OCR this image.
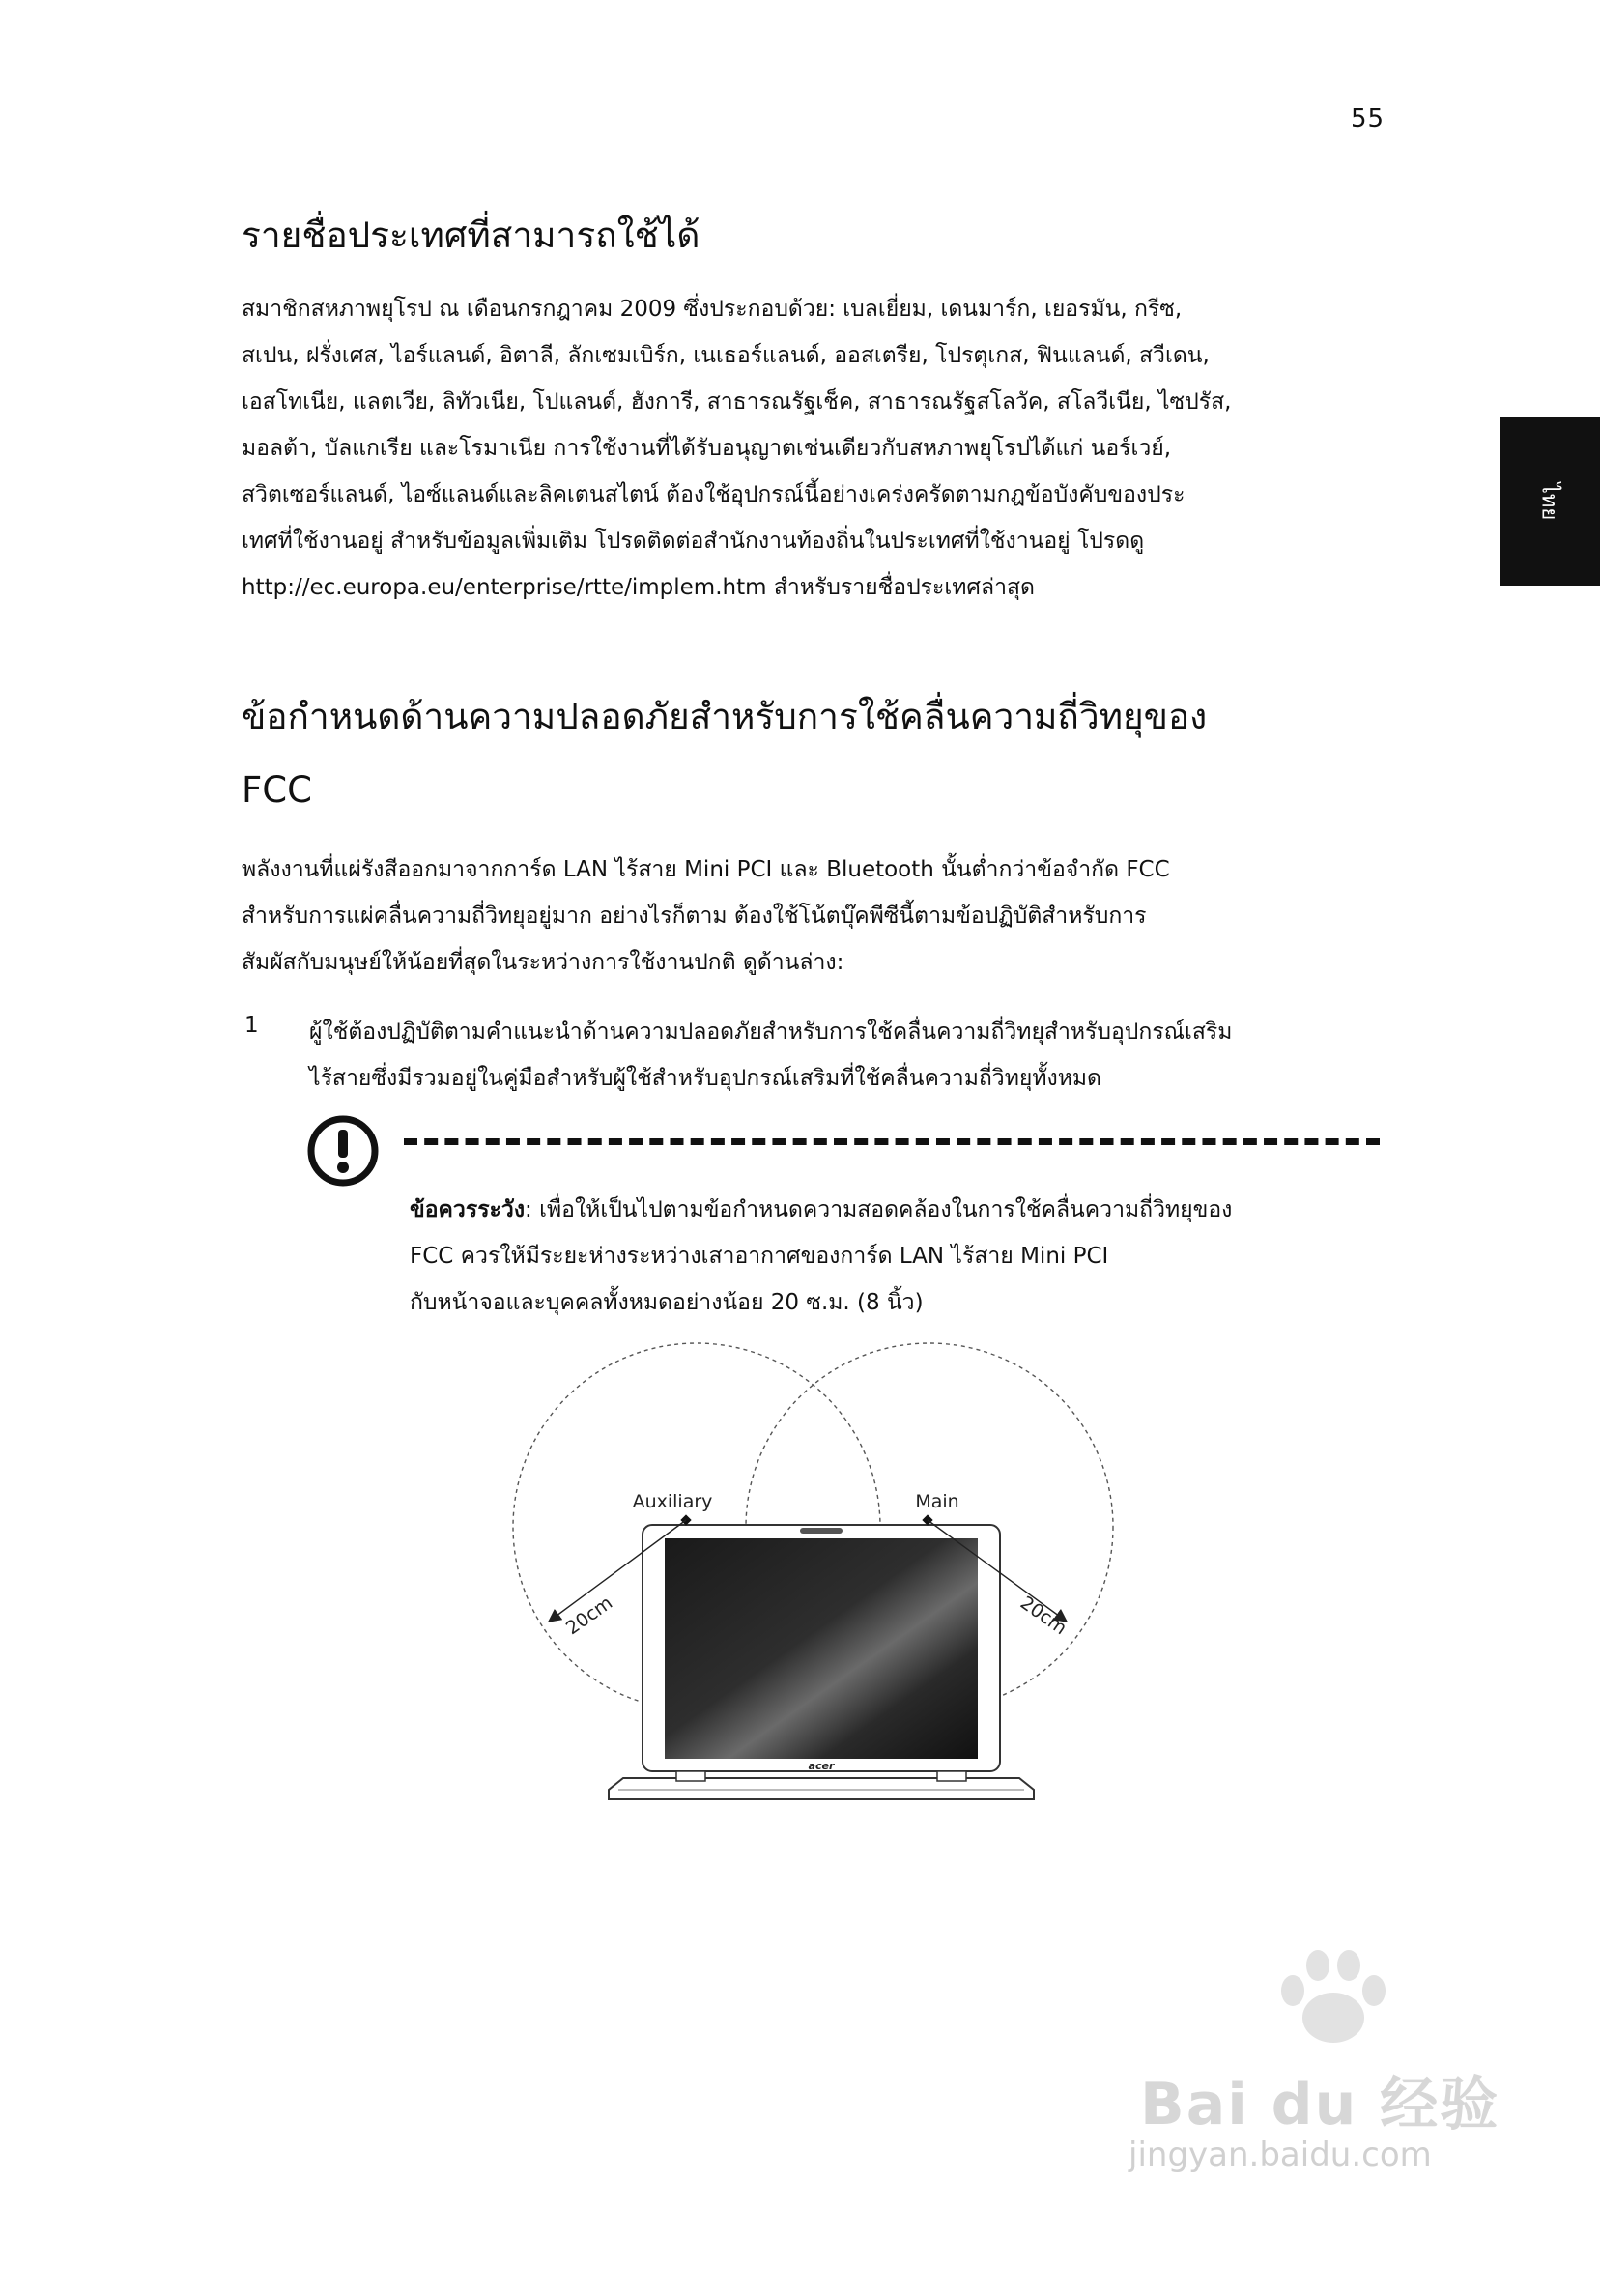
55
ไทย
รายชื่อประเทศที่สามารถใช้ได้
สมาชิกสหภาพยุโรป ณ เดือนกรกฎาคม 2009 ซึ่งประกอบด้วย: เบลเยี่ยม, เดนมาร์ก, เยอรมัน, กรีซ,
สเปน, ฝรั่งเศส, ไอร์แลนด์, อิตาลี, ลักเซมเบิร์ก, เนเธอร์แลนด์, ออสเตรีย, โปรตุเกส, ฟินแลนด์, สวีเดน,
เอสโทเนีย, แลตเวีย, ลิทัวเนีย, โปแลนด์, ฮังการี, สาธารณรัฐเช็ค, สาธารณรัฐสโลวัค, สโลวีเนีย, ไซปรัส,
มอลต้า, บัลแกเรีย และโรมาเนีย การใช้งานที่ได้รับอนุญาตเช่นเดียวกับสหภาพยุโรปได้แก่ นอร์เวย์,
สวิตเซอร์แลนด์, ไอซ์แลนด์และลิคเตนสไตน์ ต้องใช้อุปกรณ์นี้อย่างเคร่งครัดตามกฎข้อบังคับของประ
เทศที่ใช้งานอยู่ สำหรับข้อมูลเพิ่มเติม โปรดติดต่อสำนักงานท้องถิ่นในประเทศที่ใช้งานอยู่ โปรดดู
http://ec.europa.eu/enterprise/rtte/implem.htm สำหรับรายชื่อประเทศล่าสุด
ข้อกำหนดด้านความปลอดภัยสำหรับการใช้คลื่นความถี่วิทยุของ
FCC
พลังงานที่แผ่รังสีออกมาจากการ์ด LAN ไร้สาย Mini PCI และ Bluetooth นั้นต่ำกว่าข้อจำกัด FCC
สำหรับการแผ่คลื่นความถี่วิทยุอยู่มาก อย่างไรก็ตาม ต้องใช้โน้ตบุ๊คพีซีนี้ตามข้อปฏิบัติสำหรับการ
สัมผัสกับมนุษย์ให้น้อยที่สุดในระหว่างการใช้งานปกติ ดูด้านล่าง:
1 ผู้ใช้ต้องปฏิบัติตามคำแนะนำด้านความปลอดภัยสำหรับการใช้คลื่นความถี่วิทยุสำหรับอุปกรณ์เสริม
ไร้สายซึ่งมีรวมอยู่ในคู่มือสำหรับผู้ใช้สำหรับอุปกรณ์เสริมที่ใช้คลื่นความถี่วิทยุทั้งหมด
ข้อควรระวัง: เพื่อให้เป็นไปตามข้อกำหนดความสอดคล้องในการใช้คลื่นความถี่วิทยุของ
FCC ควรให้มีระยะห่างระหว่างเสาอากาศของการ์ด LAN ไร้สาย Mini PCI
กับหน้าจอและบุคคลทั้งหมดอย่างน้อย 20 ซ.ม. (8 นิ้ว)
acer
Auxiliary	Main
20cm	20cm
Bai du 经验
jingyan.baidu.com
